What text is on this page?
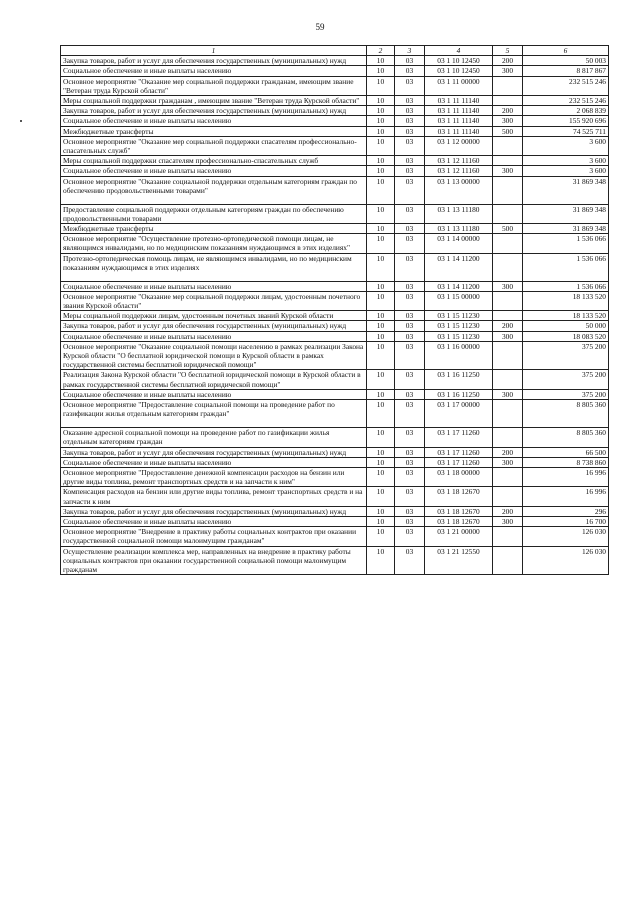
59
1	2	3	4	5	6
Закупка товаров, работ и услуг для обеспечения государственных (муниципальных) нужд	10	03	03 1 10 12450	200	50 003
Социальное обеспечение и иные выплаты населению	10	03	03 1 10 12450	300	8 817 867
Основное мероприятие "Оказание мер социальной поддержки гражданам, имеющим звание "Ветеран труда Курской области"	10	03	03 1 11 00000		232 515 246
Меры социальной поддержки гражданам , имеющим звание "Ветеран труда Курской области"	10	03	03 1 11 11140		232 515 246
Закупка товаров, работ и услуг для обеспечения государственных (муниципальных) нужд	10	03	03 1 11 11140	200	2 068 839
Социальное обеспечение и иные выплаты населению	10	03	03 1 11 11140	300	155 920 696
Межбюджетные трансферты	10	03	03 1 11 11140	500	74 525 711
Основное мероприятие "Оказание мер социальной поддержки спасателям профессионально-спасательных служб"	10	03	03 1 12 00000		3 600
Меры социальной поддержки спасателям профессионально-спасательных служб	10	03	03 1 12 11160		3 600
Социальное обеспечение и иные выплаты населению	10	03	03 1 12 11160	300	3 600
Основное мероприятие "Оказание социальной поддержки отдельным категориям граждан по обеспечению продовольственными товарами"	10	03	03 1 13 00000		31 869 348
Предоставление социальной поддержки отдельным категориям граждан по обеспечению продовольственными товарами	10	03	03 1 13 11180		31 869 348
Межбюджетные трансферты	10	03	03 1 13 11180	500	31 869 348
Основное мероприятие "Осуществление протезно-ортопедической помощи лицам, не являющимся инвалидами, но по медицинским показаниям нуждающимся в этих изделиях"	10	03	03 1 14 00000		1 536 066
Протезно-ортопедическая помощь лицам, не являющимся инвалидами, но по медицинским показаниям нуждающимся в этих изделиях	10	03	03 1 14 11200		1 536 066
Социальное обеспечение и иные выплаты населению	10	03	03 1 14 11200	300	1 536 066
Основное мероприятие "Оказание мер социальной поддержки лицам, удостоенным почетного звания Курской области"	10	03	03 1 15 00000		18 133 520
Меры социальной поддержки лицам, удостоенным почетных званий Курской области	10	03	03 1 15 11230		18 133 520
Закупка товаров, работ и услуг для обеспечения государственных (муниципальных) нужд	10	03	03 1 15 11230	200	50 000
Социальное обеспечение и иные выплаты населению	10	03	03 1 15 11230	300	18 083 520
Основное мероприятие "Оказание социальной помощи населению в рамках реализации Закона Курской области "О бесплатной юридической помощи в Курской области в рамках государственной системы бесплатной юридической помощи"	10	03	03 1 16 00000		375 200
Реализация Закона Курской области "О бесплатной юридической помощи в Курской области в рамках государственной системы бесплатной юридической помощи"	10	03	03 1 16 11250		375 200
Социальное обеспечение и иные выплаты населению	10	03	03 1 16 11250	300	375 200
Основное мероприятие "Предоставление социальной помощи на проведение работ по газификации жилья отдельным категориям граждан"	10	03	03 1 17 00000		8 805 360
Оказание адресной социальной помощи на проведение работ по газификации жилья отдельным категориям граждан	10	03	03 1 17 11260		8 805 360
Закупка товаров, работ и услуг для обеспечения государственных (муниципальных) нужд	10	03	03 1 17 11260	200	66 500
Социальное обеспечение и иные выплаты населению	10	03	03 1 17 11260	300	8 738 860
Основное мероприятие "Предоставление денежной компенсации расходов на бензин или другие виды топлива, ремонт транспортных средств и на запчасти к ним"	10	03	03 1 18 00000		16 996
Компенсация расходов на бензин или другие виды топлива, ремонт транспортных средств и на запчасти к ним	10	03	03 1 18 12670		16 996
Закупка товаров, работ и услуг для обеспечения государственных (муниципальных) нужд	10	03	03 1 18 12670	200	296
Социальное обеспечение и иные выплаты населению	10	03	03 1 18 12670	300	16 700
Основное мероприятие "Внедрение в практику работы социальных контрактов при оказании государственной социальной помощи малоимущим гражданам"	10	03	03 1 21 00000		126 030
Осуществление реализации комплекса мер, направленных на внедрение в практику работы социальных контрактов при оказании государственной социальной помощи малоимущим гражданам	10	03	03 1 21 12550		126 030
